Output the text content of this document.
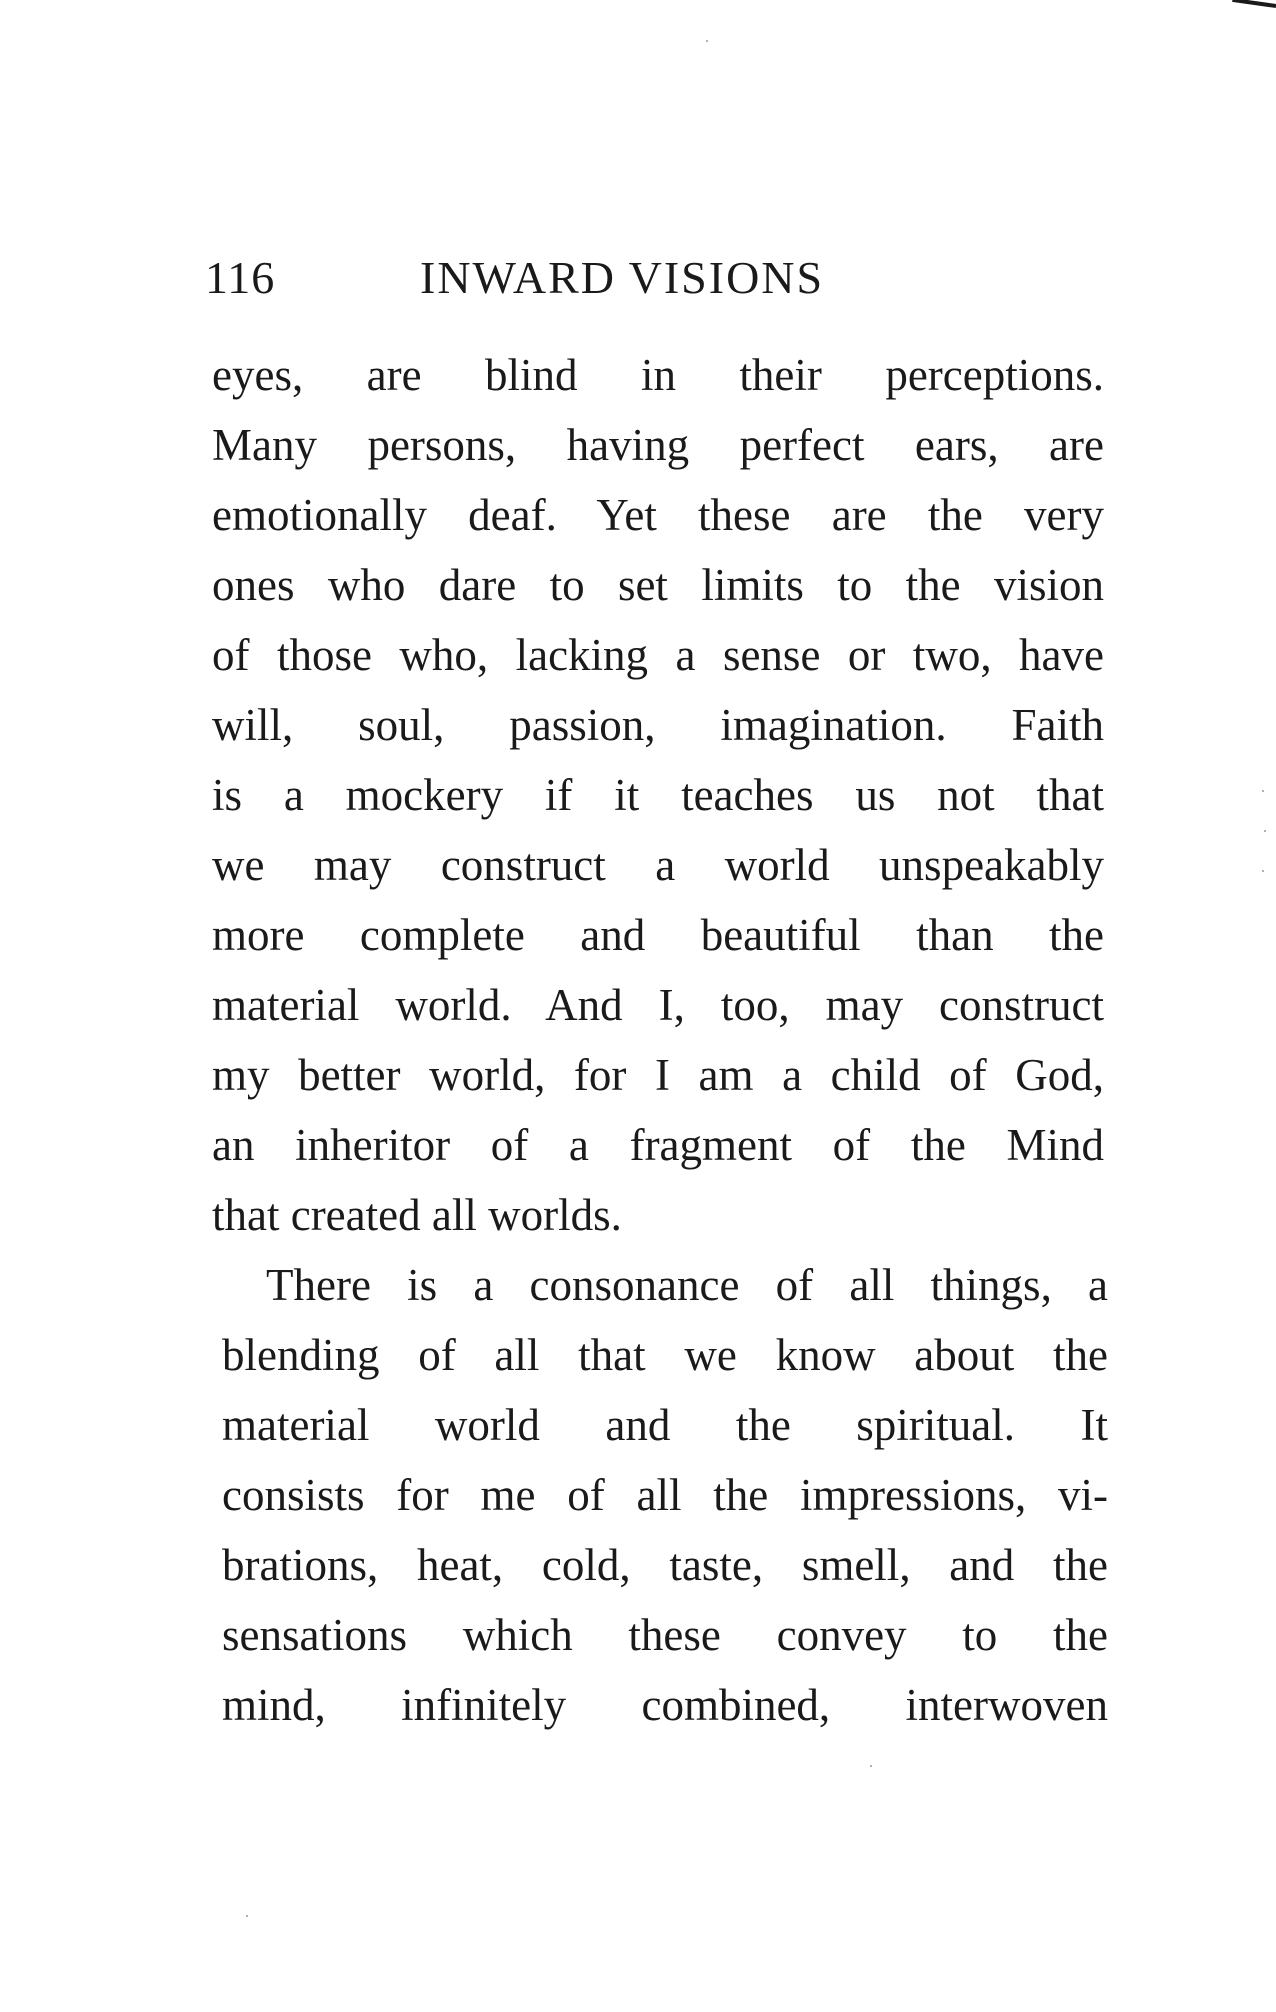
116	INWARD VISIONS
eyes, are blind in their perceptions.
Many persons, having perfect ears, are
emotionally deaf. Yet these are the very
ones who dare to set limits to the vision
of those who, lacking a sense or two, have
will, soul, passion, imagination. Faith
is a mockery if it teaches us not that
we may construct a world unspeakably
more complete and beautiful than the
material world. And I, too, may construct
my better world, for I am a child of God,
an inheritor of a fragment of the Mind
that created all worlds.
There is a consonance of all things, a
blending of all that we know about the
material world and the spiritual. It
consists for me of all the impressions, vi-
brations, heat, cold, taste, smell, and the
sensations which these convey to the
mind, infinitely combined, interwoven
